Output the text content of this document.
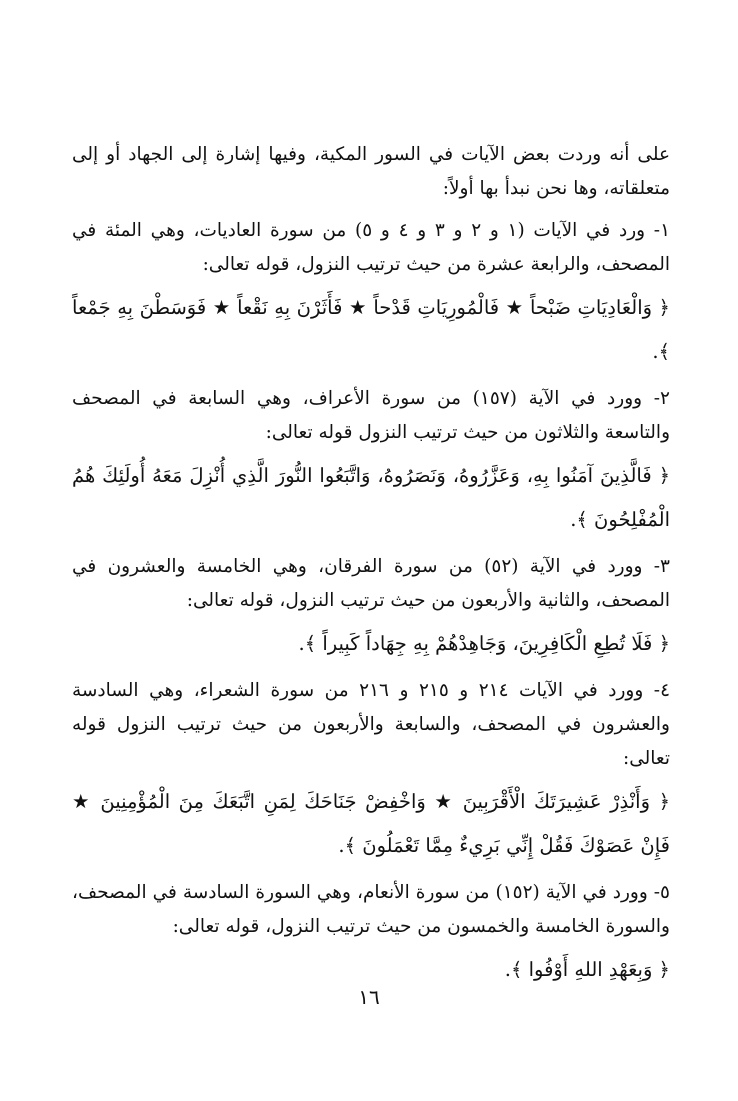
على أنه وردت بعض الآيات في السور المكية، وفيها إشارة إلى الجهاد أو إلى متعلقاته، وها نحن نبدأ بها أولاً:

١- ورد في الآيات (١ و ٢ و ٣ و ٤ و ٥) من سورة العاديات، وهي المئة في المصحف، والرابعة عشرة من حيث ترتيب النزول، قوله تعالى:

﴿ وَالْعَادِيَاتِ ضَبْحاً ★ فَالْمُورِيَاتِ قَدْحاً ★ فَأَثَرْنَ بِهِ نَقْعاً ★ فَوَسَطْنَ بِهِ جَمْعاً ﴾.

٢- وورد في الآية (١٥٧) من سورة الأعراف، وهي السابعة في المصحف والتاسعة والثلاثون من حيث ترتيب النزول قوله تعالى:

﴿ فَالَّذِينَ آمَنُوا بِهِ، وَعَزَّرُوهُ، وَنَصَرُوهُ، وَاتَّبَعُوا النُّورَ الَّذِي أُنْزِلَ مَعَهُ أُولَئِكَ هُمُ الْمُفْلِحُونَ ﴾.

٣- وورد في الآية (٥٢) من سورة الفرقان، وهي الخامسة والعشرون في المصحف، والثانية والأربعون من حيث ترتيب النزول، قوله تعالى:

﴿ فَلَا تُطِعِ الْكَافِرِينَ، وَجَاهِدْهُمْ بِهِ جِهَاداً كَبِيراً ﴾.

٤- وورد في الآيات ٢١٤ و ٢١٥ و ٢١٦ من سورة الشعراء، وهي السادسة والعشرون في المصحف، والسابعة والأربعون من حيث ترتيب النزول قوله تعالى:

﴿ وَأَنْذِرْ عَشِيرَتَكَ الْأَقْرَبِينَ ★ وَاخْفِضْ جَنَاحَكَ لِمَنِ اتَّبَعَكَ مِنَ الْمُؤْمِنِينَ ★ فَإِنْ عَصَوْكَ فَقُلْ إِنِّي بَرِيءٌ مِمَّا تَعْمَلُونَ ﴾.

٥- وورد في الآية (١٥٢) من سورة الأنعام، وهي السورة السادسة في المصحف، والسورة الخامسة والخمسون من حيث ترتيب النزول، قوله تعالى:

﴿ وَبِعَهْدِ اللهِ أَوْفُوا ﴾.

١٦
